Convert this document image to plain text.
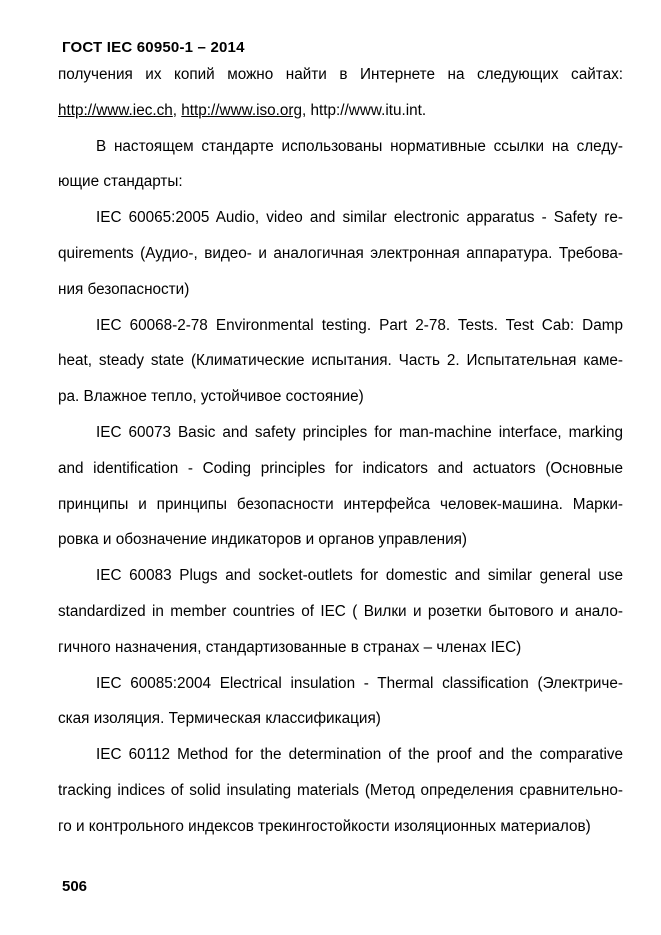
ГОСТ IEC 60950-1 – 2014

получения их копий можно найти в Интернете на следующих сайтах:
http://www.iec.ch, http://www.iso.org, http://www.itu.int.

В настоящем стандарте использованы нормативные ссылки на следу-
ющие стандарты:

IEC 60065:2005 Audio, video and similar electronic apparatus - Safety re-
quirements (Аудио-, видео- и аналогичная электронная аппаратура. Требова-
ния безопасности)

IEC 60068-2-78 Environmental testing. Part 2-78. Tests. Test Cab: Damp
heat, steady state (Климатические испытания. Часть 2. Испытательная каме-
ра. Влажное тепло, устойчивое состояние)

IEC 60073 Basic and safety principles for man-machine interface, marking
and identification - Coding principles for indicators and actuators (Основные
принципы и принципы безопасности интерфейса человек-машина. Марки-
ровка и обозначение индикаторов и органов управления)

IEC 60083 Plugs and socket-outlets for domestic and similar general use
standardized in member countries of IEC ( Вилки и розетки бытового и анало-
гичного назначения, стандартизованные в странах – членах IEC)

IEC 60085:2004 Electrical insulation - Thermal classification (Электриче-
ская изоляция. Термическая классификация)

IEC 60112 Method for the determination of the proof and the comparative
tracking indices of solid insulating materials (Метод определения сравнительно-
го и контрольного индексов трекингостойкости изоляционных материалов)

506
